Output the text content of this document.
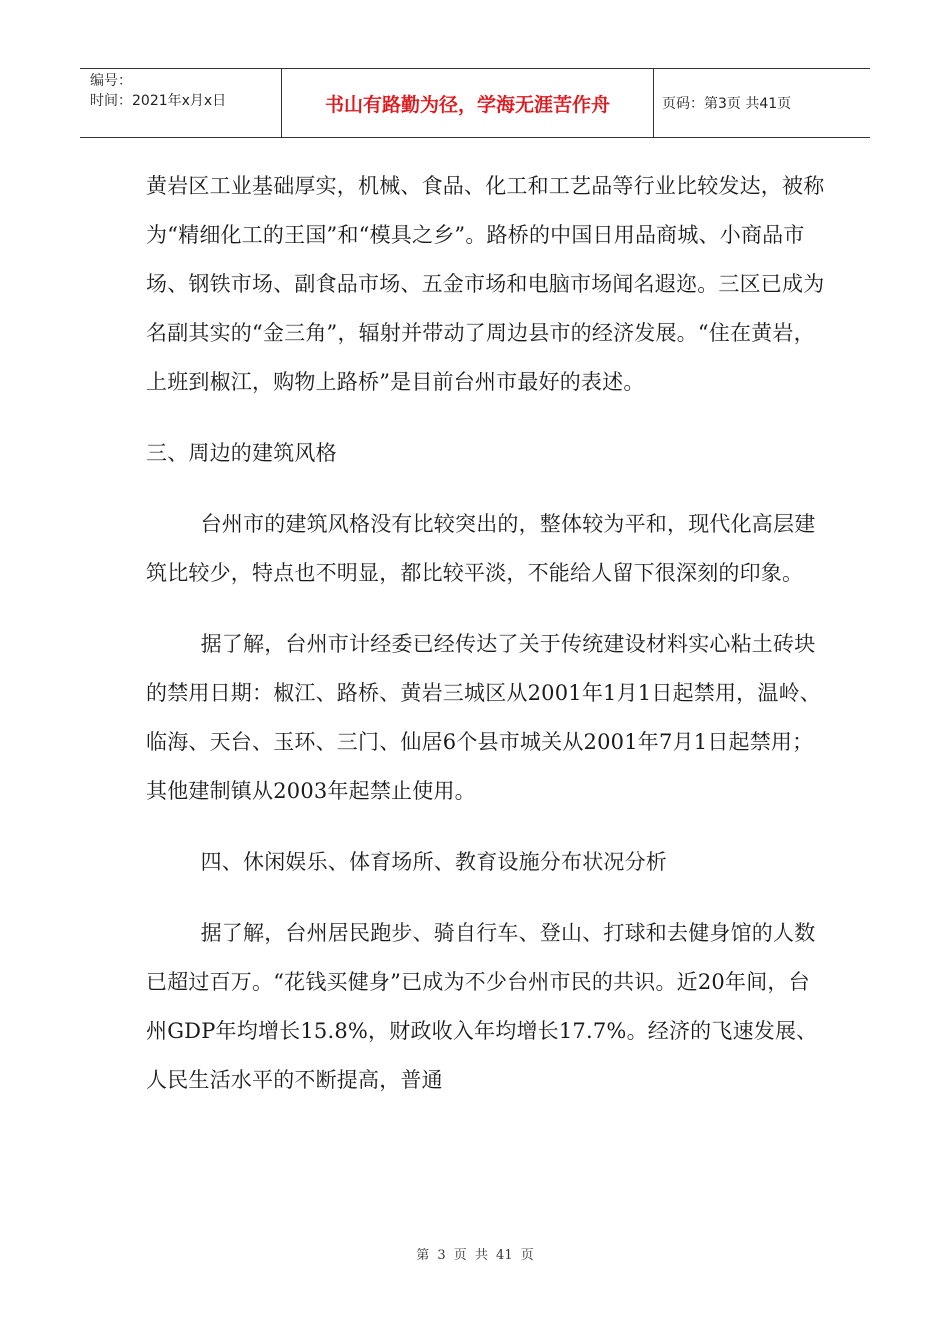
编号：
时间：2021年x月x日	书山有路勤为径，学海无涯苦作舟	页码：第3页 共41页

黄岩区工业基础厚实，机械、食品、化工和工艺品等行业比较发达，被称为“精细化工的王国”和“模具之乡”。路桥的中国日用品商城、小商品市场、钢铁市场、副食品市场、五金市场和电脑市场闻名遐迩。三区已成为名副其实的“金三角”，辐射并带动了周边县市的经济发展。“住在黄岩，上班到椒江，购物上路桥”是目前台州市最好的表述。

三、周边的建筑风格

台州市的建筑风格没有比较突出的，整体较为平和，现代化高层建筑比较少，特点也不明显，都比较平淡，不能给人留下很深刻的印象。

据了解，台州市计经委已经传达了关于传统建设材料实心粘土砖块的禁用日期：椒江、路桥、黄岩三城区从2001年1月1日起禁用，温岭、临海、天台、玉环、三门、仙居6个县市城关从2001年7月1日起禁用；其他建制镇从2003年起禁止使用。

四、休闲娱乐、体育场所、教育设施分布状况分析

据了解，台州居民跑步、骑自行车、登山、打球和去健身馆的人数已超过百万。“花钱买健身”已成为不少台州市民的共识。近20年间，台州GDP年均增长15.8%，财政收入年均增长17.7%。经济的飞速发展、人民生活水平的不断提高，普通

第 3 页 共 41 页
